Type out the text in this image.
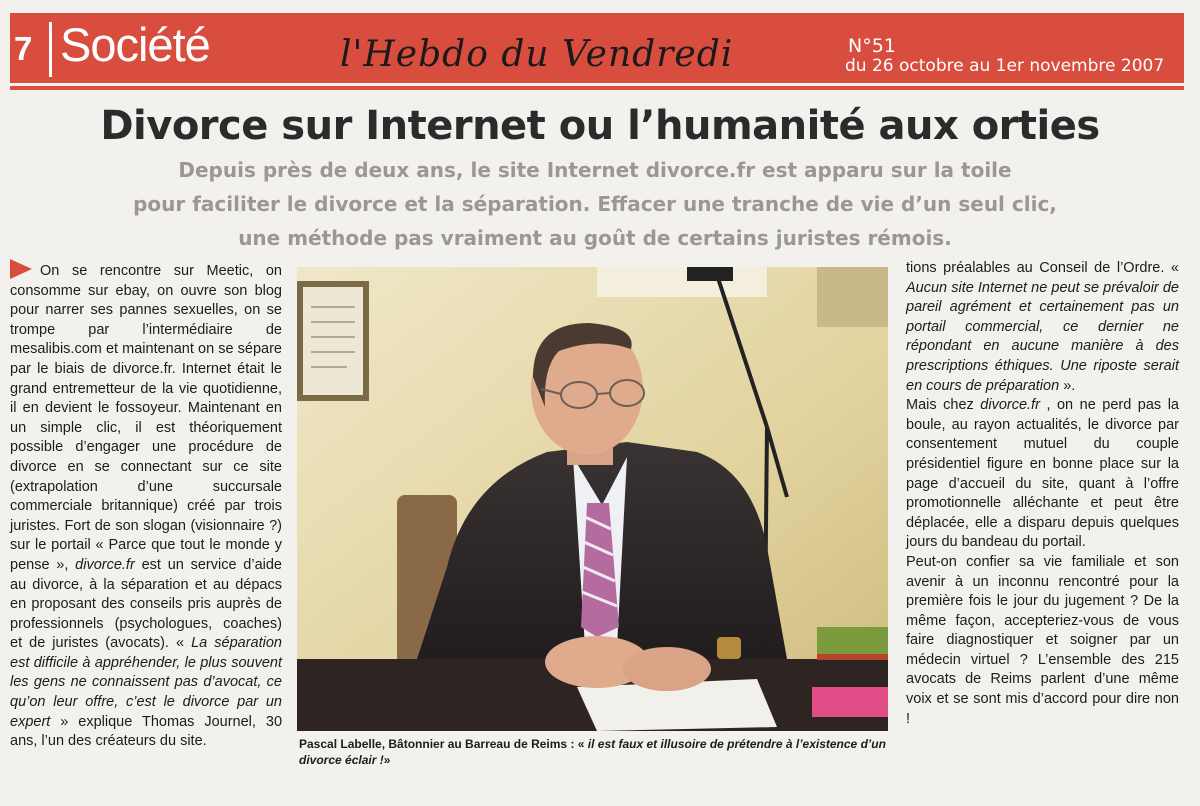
7 Société	l'Hebdo du Vendredi	N°51
du 26 octobre au 1er novembre 2007
Divorce sur Internet ou l’humanité aux orties
Depuis près de deux ans, le site Internet divorce.fr est apparu sur la toile
pour faciliter le divorce et la séparation. Effacer une tranche de vie d’un seul clic,
une méthode pas vraiment au goût de certains juristes rémois.

On se rencontre sur Meetic, on consomme sur ebay, on ouvre son blog pour narrer ses pannes sexuelles, on se trompe par l’intermédiaire de mesalibis.com et maintenant on se sépare par le biais de divorce.fr. Internet était le grand entremetteur de la vie quotidienne, il en devient le fossoyeur. Maintenant en un simple clic, il est théoriquement possible d’engager une procédure de divorce en se connectant sur ce site (extrapolation d’une succursale commerciale britannique) créé par trois juristes. Fort de son slogan (visionnaire ?) sur le portail « Parce que tout le monde y pense », divorce.fr est un service d’aide au divorce, à la séparation et au dépacs en proposant des conseils pris auprès de professionnels (psychologues, coaches) et de juristes (avocats). « La séparation est difficile à appréhender, le plus souvent les gens ne connaissent pas d’avocat, ce qu’on leur offre, c’est le divorce par un expert » explique Thomas Journel, 30 ans, l’un des créateurs du site.	Pascal Labelle, Bâtonnier au Barreau de Reims : « il est faux et illusoire de prétendre à l’existence d’un divorce éclair !»

tions préalables au Conseil de l’Ordre. « Aucun site Internet ne peut se prévaloir de pareil agrément et certainement pas un portail commercial, ce dernier ne répondant en aucune manière à des prescriptions éthiques. Une riposte serait en cours de préparation ».

Mais chez divorce.fr , on ne perd pas la boule, au rayon actualités, le divorce par consentement mutuel du couple présidentiel figure en bonne place sur la page d’accueil du site, quant à l’offre promotionnelle alléchante et peut être déplacée, elle a disparu depuis quelques jours du bandeau du portail.

Peut-on confier sa vie familiale et son avenir à un inconnu rencontré pour la première fois le jour du jugement ? De la même façon, accepteriez-vous de vous faire diagnostiquer et soigner par un médecin virtuel ? L’ensemble des 215 avocats de Reims parlent d’une même voix et se sont mis d’accord pour dire non !
